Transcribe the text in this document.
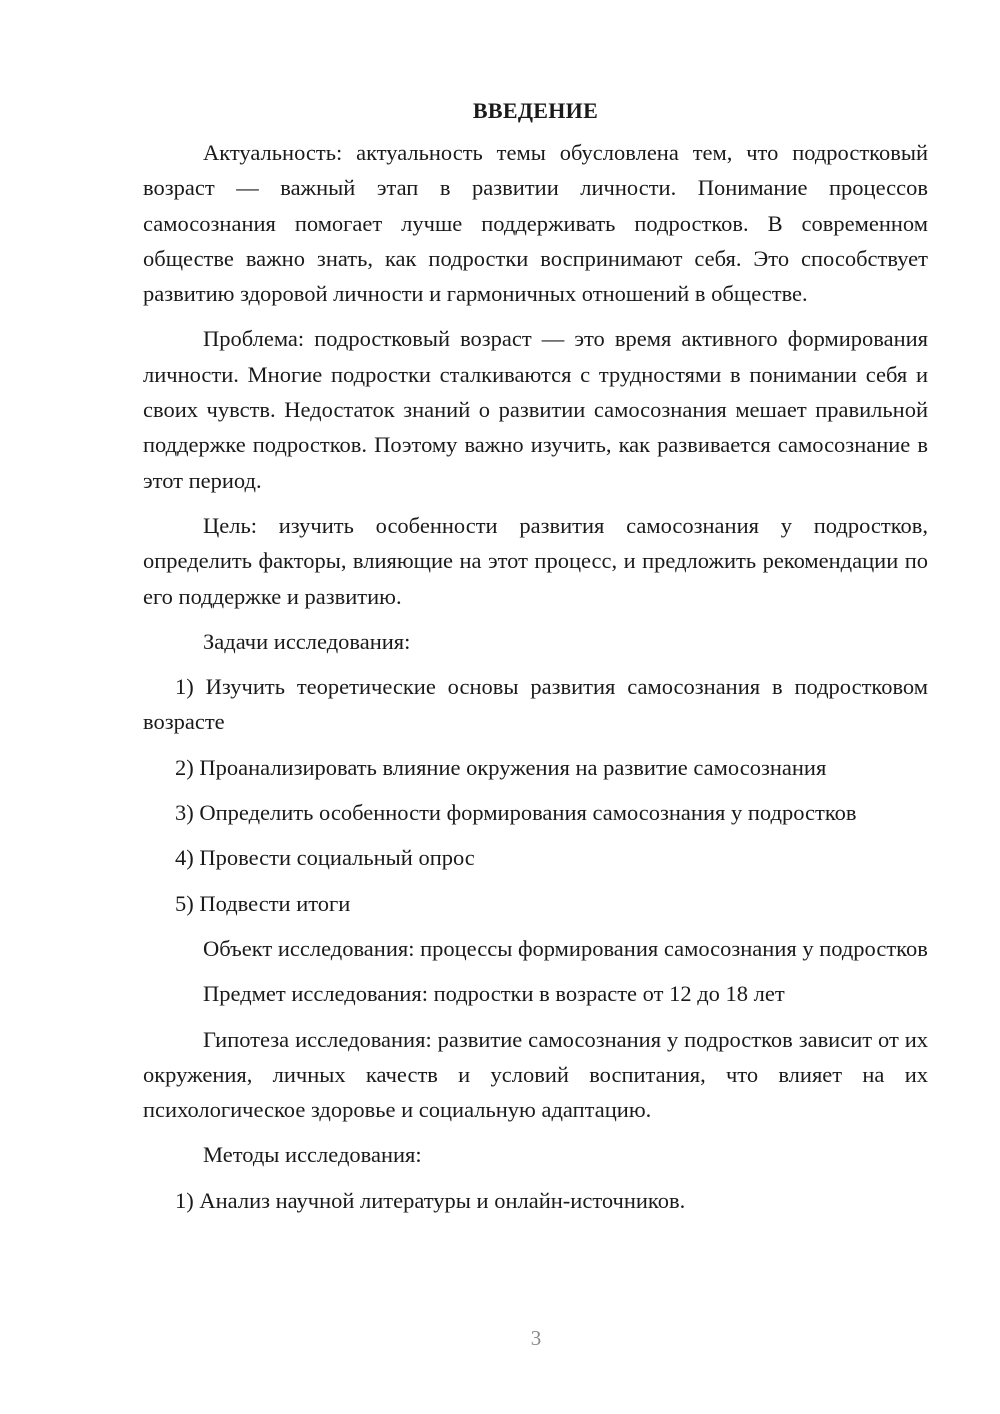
ВВЕДЕНИЕ

Актуальность: актуальность темы обусловлена тем, что подростковый возраст — важный этап в развитии личности. Понимание процессов самосознания помогает лучше поддерживать подростков. В современном обществе важно знать, как подростки воспринимают себя. Это способствует развитию здоровой личности и гармоничных отношений в обществе.

Проблема: подростковый возраст — это время активного формирования личности. Многие подростки сталкиваются с трудностями в понимании себя и своих чувств. Недостаток знаний о развитии самосознания мешает правильной поддержке подростков. Поэтому важно изучить, как развивается самосознание в этот период.

Цель: изучить особенности развития самосознания у подростков, определить факторы, влияющие на этот процесс, и предложить рекомендации по его поддержке и развитию.

Задачи исследования:

1) Изучить теоретические основы развития самосознания в подростковом возрасте

2) Проанализировать влияние окружения на развитие самосознания

3) Определить особенности формирования самосознания у подростков

4) Провести социальный опрос

5) Подвести итоги

Объект исследования: процессы формирования самосознания у подростков

Предмет исследования: подростки в возрасте от 12 до 18 лет

Гипотеза исследования: развитие самосознания у подростков зависит от их окружения, личных качеств и условий воспитания, что влияет на их психологическое здоровье и социальную адаптацию.

Методы исследования:

1) Анализ научной литературы и онлайн-источников.

3
